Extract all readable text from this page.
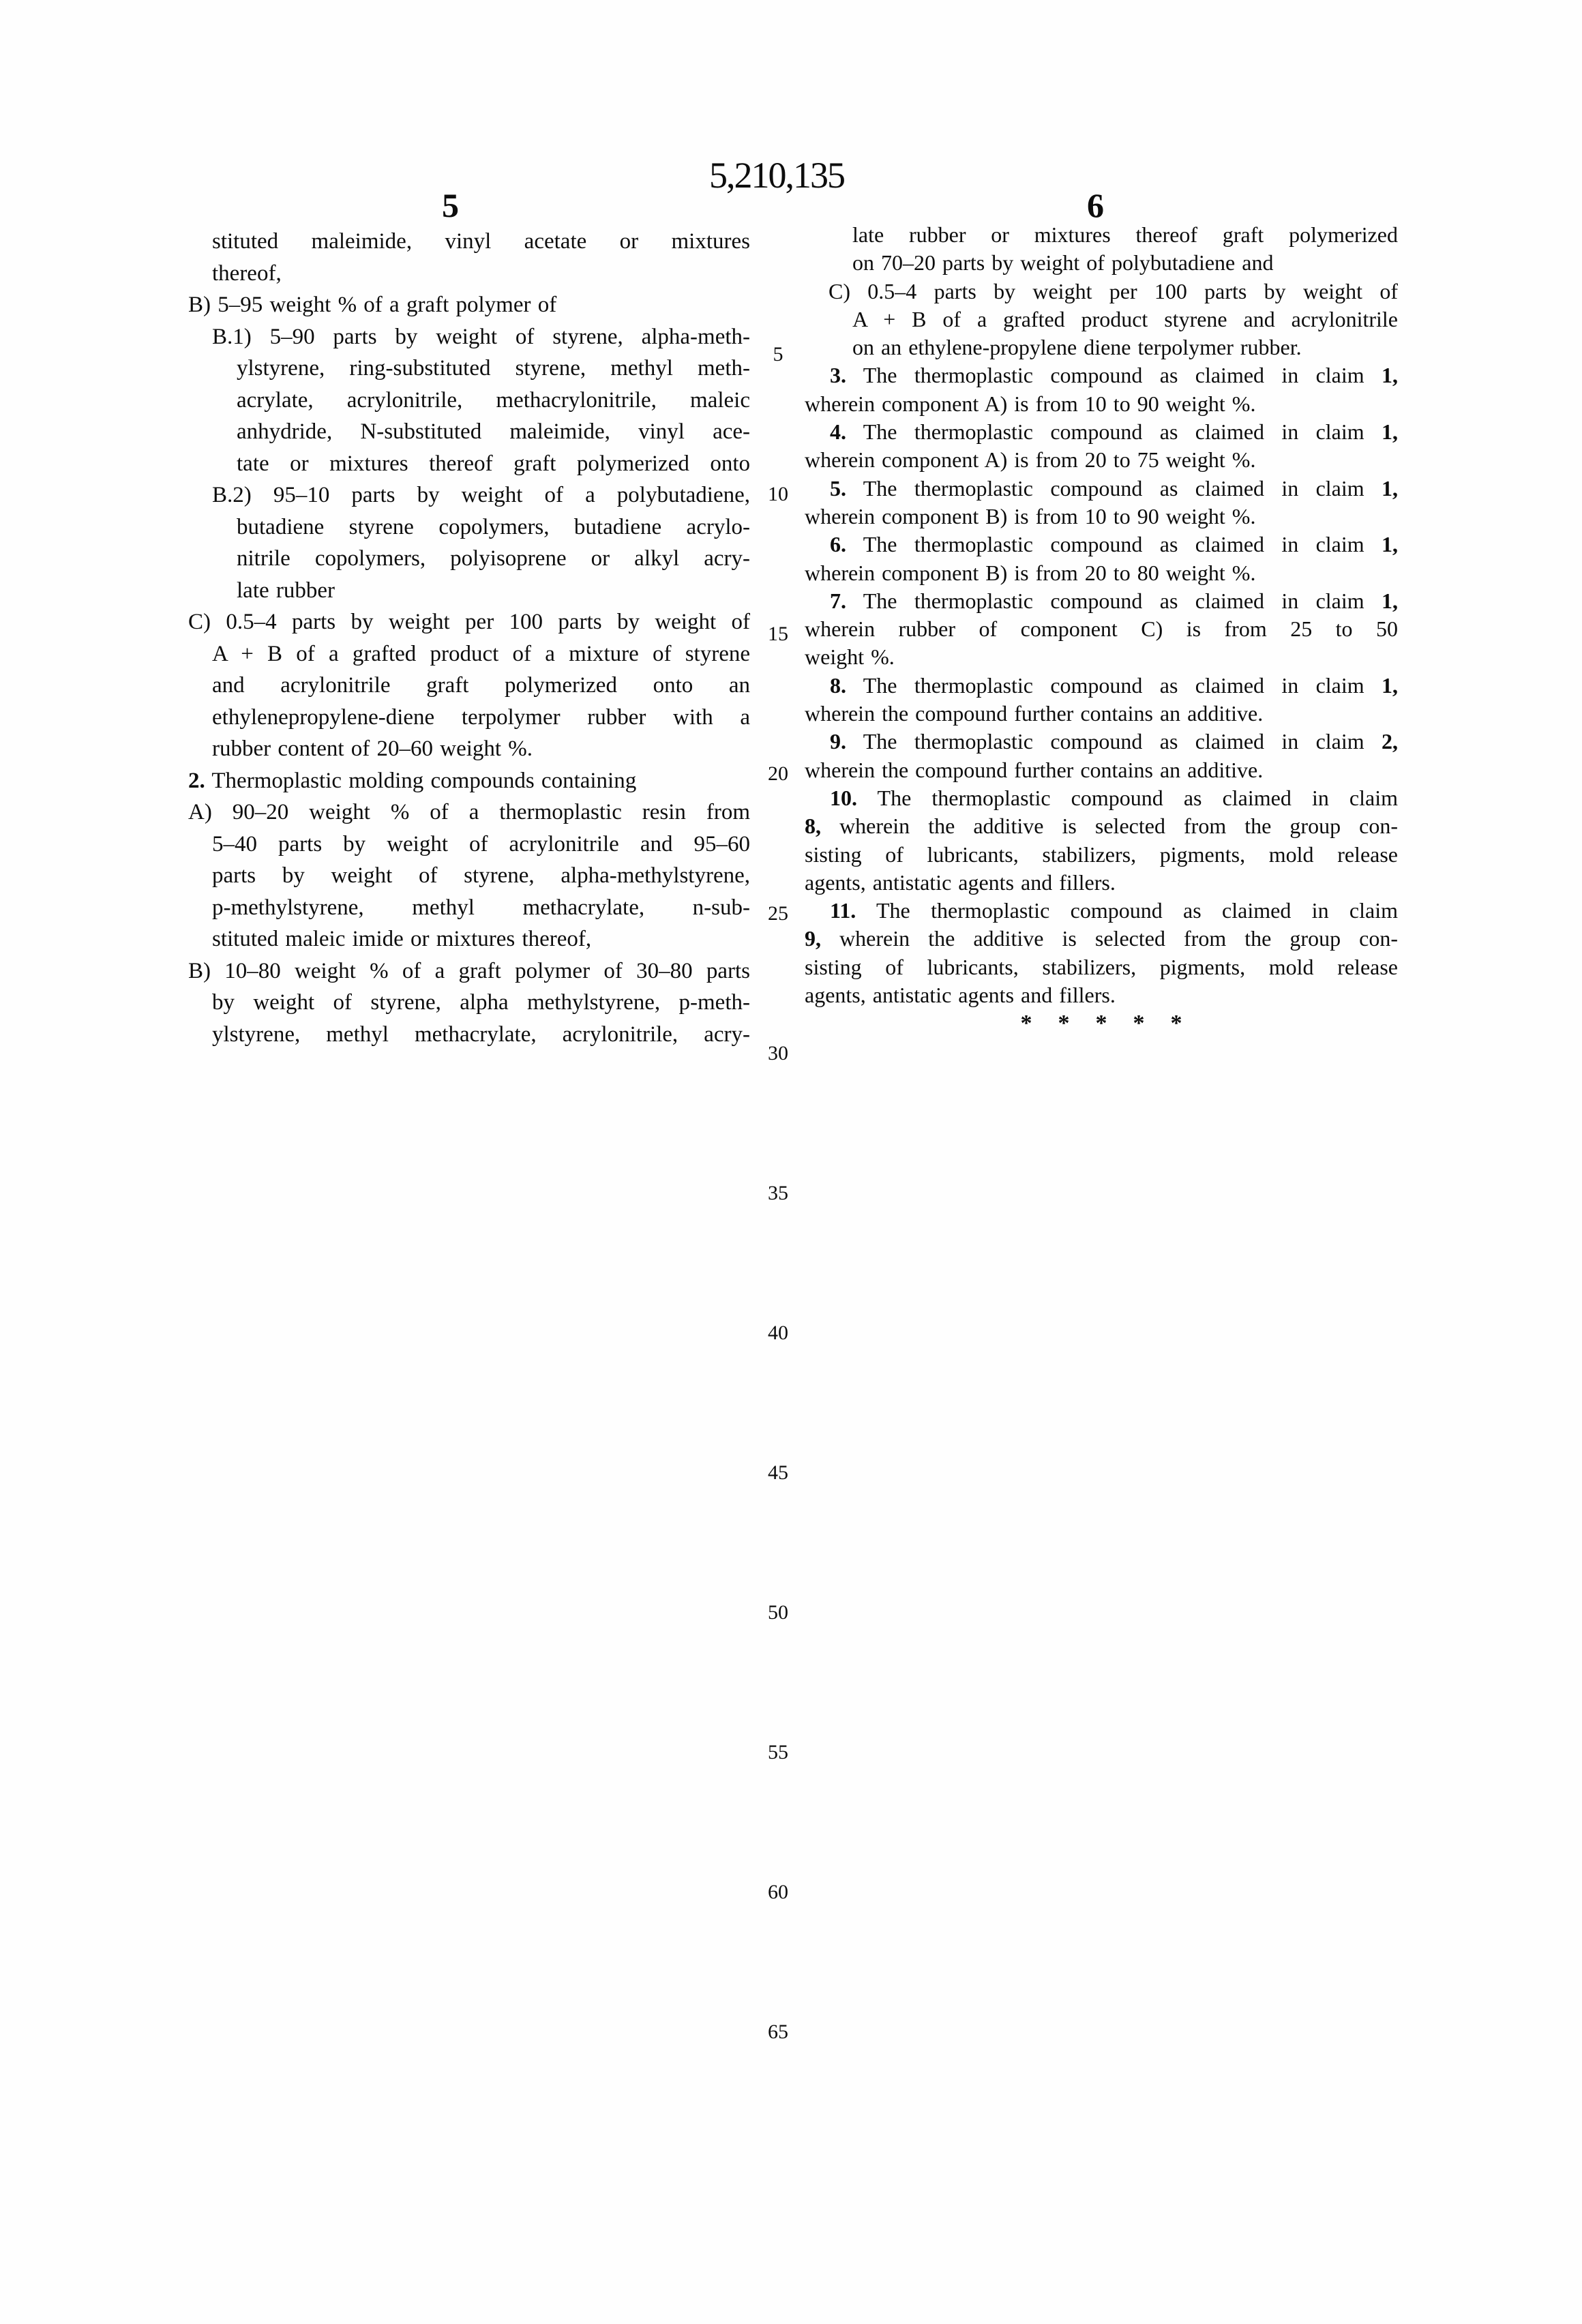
5,210,135
5	6
stituted maleimide, vinyl acetate or mixtures
thereof,
B) 5–95 weight % of a graft polymer of
B.1) 5–90 parts by weight of styrene, alpha-meth-
ylstyrene, ring-substituted styrene, methyl meth-
acrylate, acrylonitrile, methacrylonitrile, maleic
anhydride, N-substituted maleimide, vinyl ace-
tate or mixtures thereof graft polymerized onto
B.2) 95–10 parts by weight of a polybutadiene,
butadiene styrene copolymers, butadiene acrylo-
nitrile copolymers, polyisoprene or alkyl acry-
late rubber
C) 0.5–4 parts by weight per 100 parts by weight of
A + B of a grafted product of a mixture of styrene
and acrylonitrile graft polymerized onto an
ethylenepropylene-diene terpolymer rubber with a
rubber content of 20–60 weight %.
2. Thermoplastic molding compounds containing
A) 90–20 weight % of a thermoplastic resin from
5–40 parts by weight of acrylonitrile and 95–60
parts by weight of styrene, alpha-methylstyrene,
p-methylstyrene, methyl methacrylate, n-sub-
stituted maleic imide or mixtures thereof,
B) 10–80 weight % of a graft polymer of 30–80 parts
by weight of styrene, alpha methylstyrene, p-meth-
ylstyrene, methyl methacrylate, acrylonitrile, acry-
late rubber or mixtures thereof graft polymerized
on 70–20 parts by weight of polybutadiene and
C) 0.5–4 parts by weight per 100 parts by weight of
A + B of a grafted product styrene and acrylonitrile
on an ethylene-propylene diene terpolymer rubber.
3. The thermoplastic compound as claimed in claim 1,
wherein component A) is from 10 to 90 weight %.
4. The thermoplastic compound as claimed in claim 1,
wherein component A) is from 20 to 75 weight %.
5. The thermoplastic compound as claimed in claim 1,
wherein component B) is from 10 to 90 weight %.
6. The thermoplastic compound as claimed in claim 1,
wherein component B) is from 20 to 80 weight %.
7. The thermoplastic compound as claimed in claim 1,
wherein rubber of component C) is from 25 to 50
weight %.
8. The thermoplastic compound as claimed in claim 1,
wherein the compound further contains an additive.
9. The thermoplastic compound as claimed in claim 2,
wherein the compound further contains an additive.
10. The thermoplastic compound as claimed in claim
8, wherein the additive is selected from the group con-
sisting of lubricants, stabilizers, pigments, mold release
agents, antistatic agents and fillers.
11. The thermoplastic compound as claimed in claim
9, wherein the additive is selected from the group con-
sisting of lubricants, stabilizers, pigments, mold release
agents, antistatic agents and fillers.
* * * * *
5
10
15
20
25
30
35
40
45
50
55
60
65
